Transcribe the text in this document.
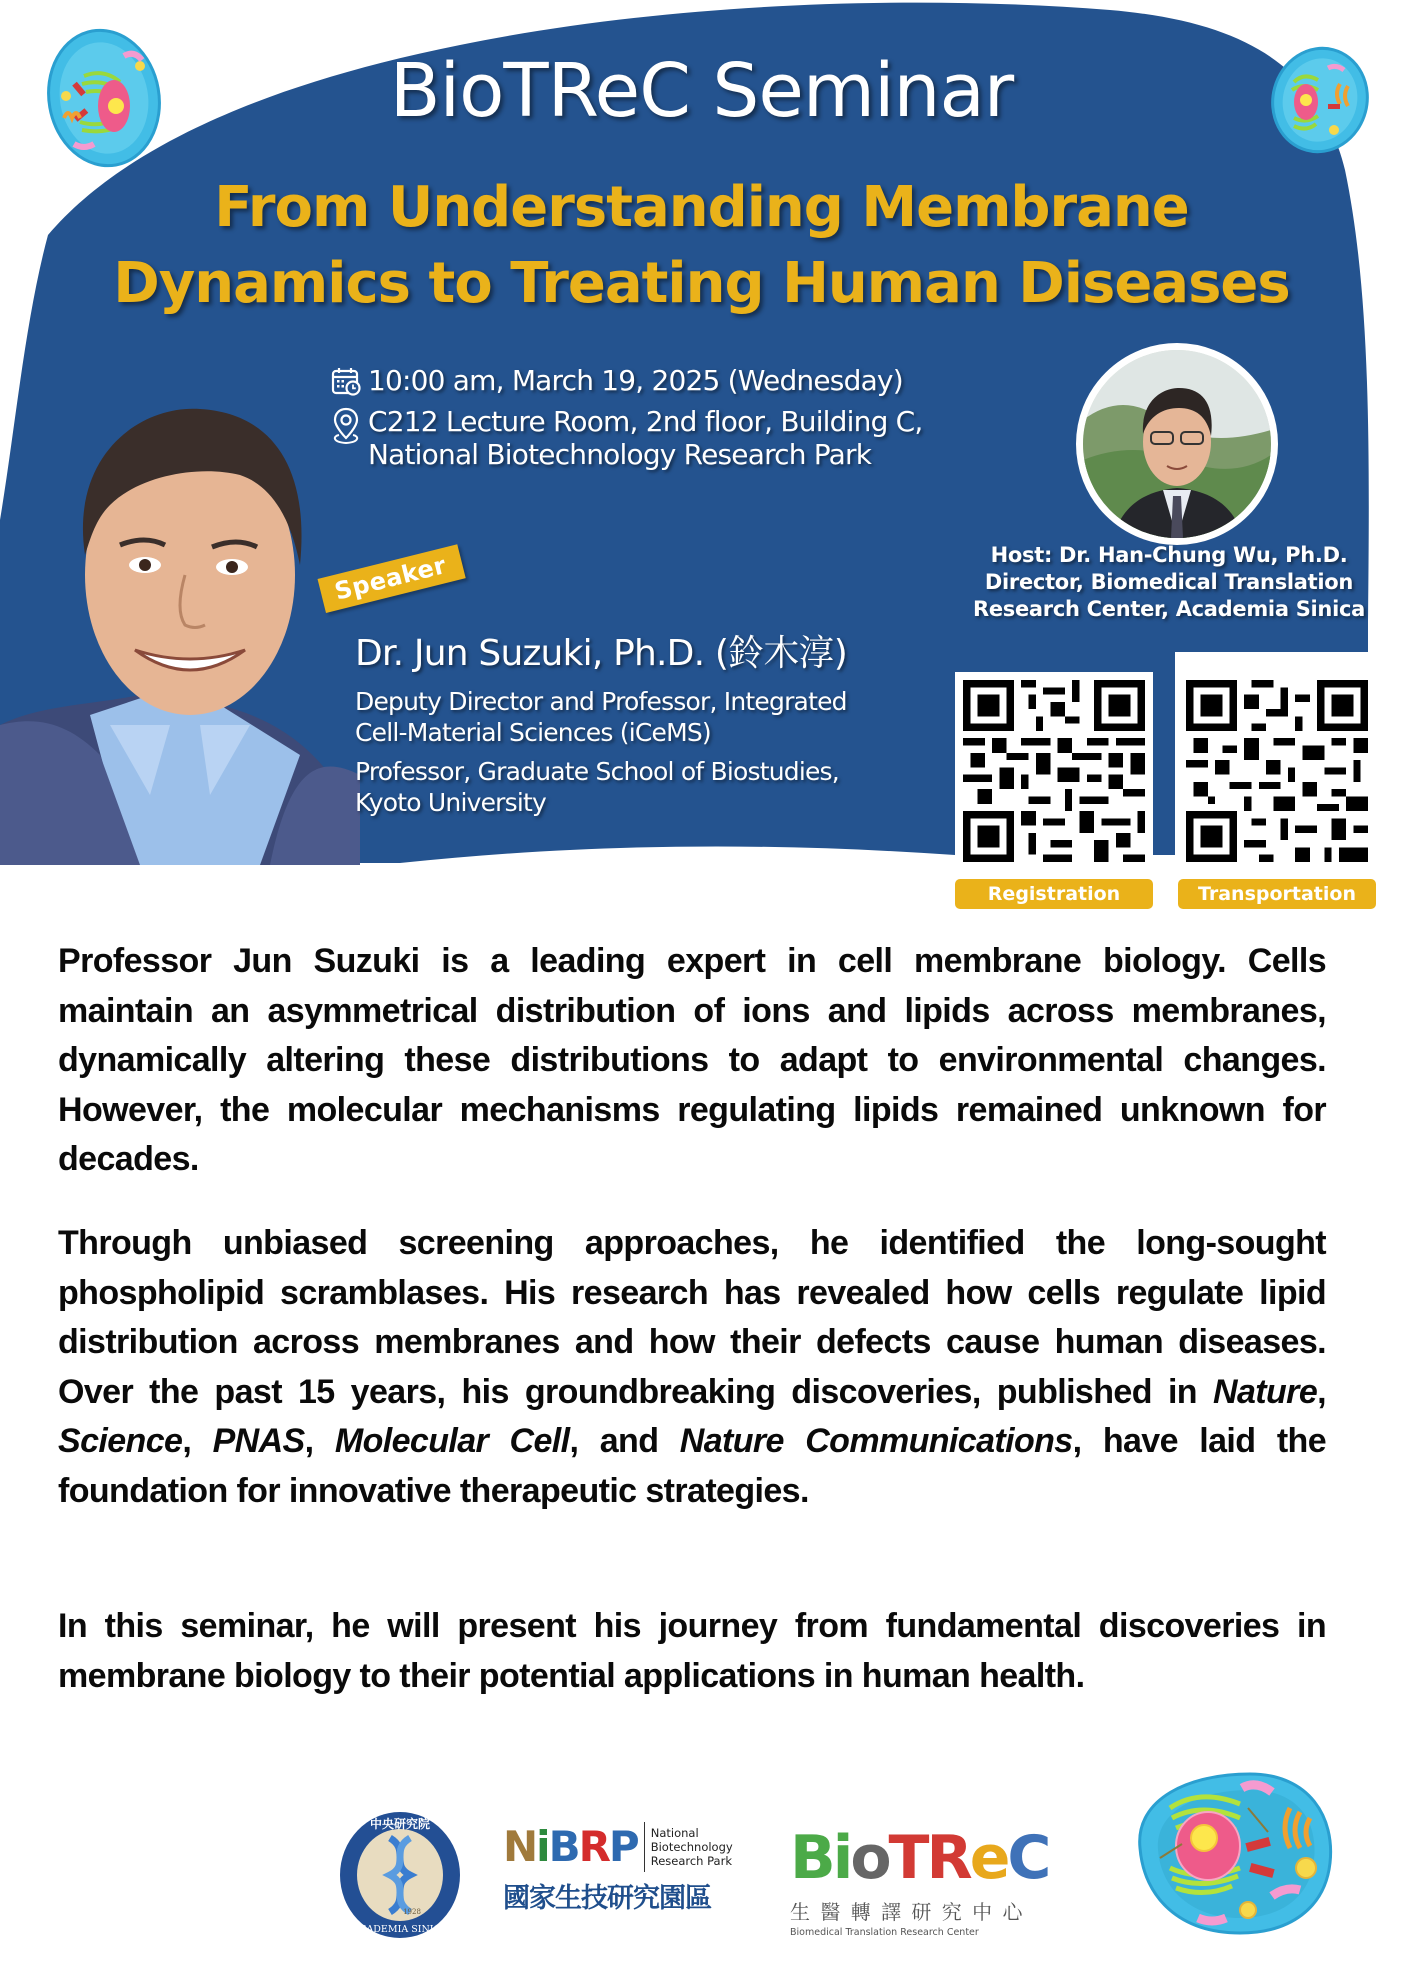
BioTReC Seminar
From Understanding Membrane
Dynamics to Treating Human Diseases
10:00 am, March 19, 2025 (Wednesday)
C212 Lecture Room, 2nd floor, Building C,
National Biotechnology Research Park
Speaker
Dr. Jun Suzuki, Ph.D. (鈴木淳)
Deputy Director and Professor, Integrated
Cell-Material Sciences (iCeMS)
Professor, Graduate School of Biostudies,
Kyoto University
Host: Dr. Han-Chung Wu, Ph.D.
Director, Biomedical Translation
Research Center, Academia Sinica
Registration	Transportation

Professor Jun Suzuki is a leading expert in cell membrane biology. Cells maintain an asymmetrical distribution of ions and lipids across membranes, dynamically altering these distributions to adapt to environmental changes. However, the molecular mechanisms regulating lipids remained unknown for decades.

Through unbiased screening approaches, he identified the long-sought phospholipid scramblases. His research has revealed how cells regulate lipid distribution across membranes and how their defects cause human diseases. Over the past 15 years, his groundbreaking discoveries, published in Nature, Science, PNAS, Molecular Cell, and Nature Communications, have laid the foundation for innovative therapeutic strategies.

In this seminar, he will present his journey from fundamental discoveries in membrane biology to their potential applications in human health.

中央研究院
ACADEMIA SINICA
1928
NiBRP National
Biotechnology
Research Park
國家生技研究園區
BioTReC
生 醫 轉 譯 研 究 中 心
Biomedical Translation Research Center
